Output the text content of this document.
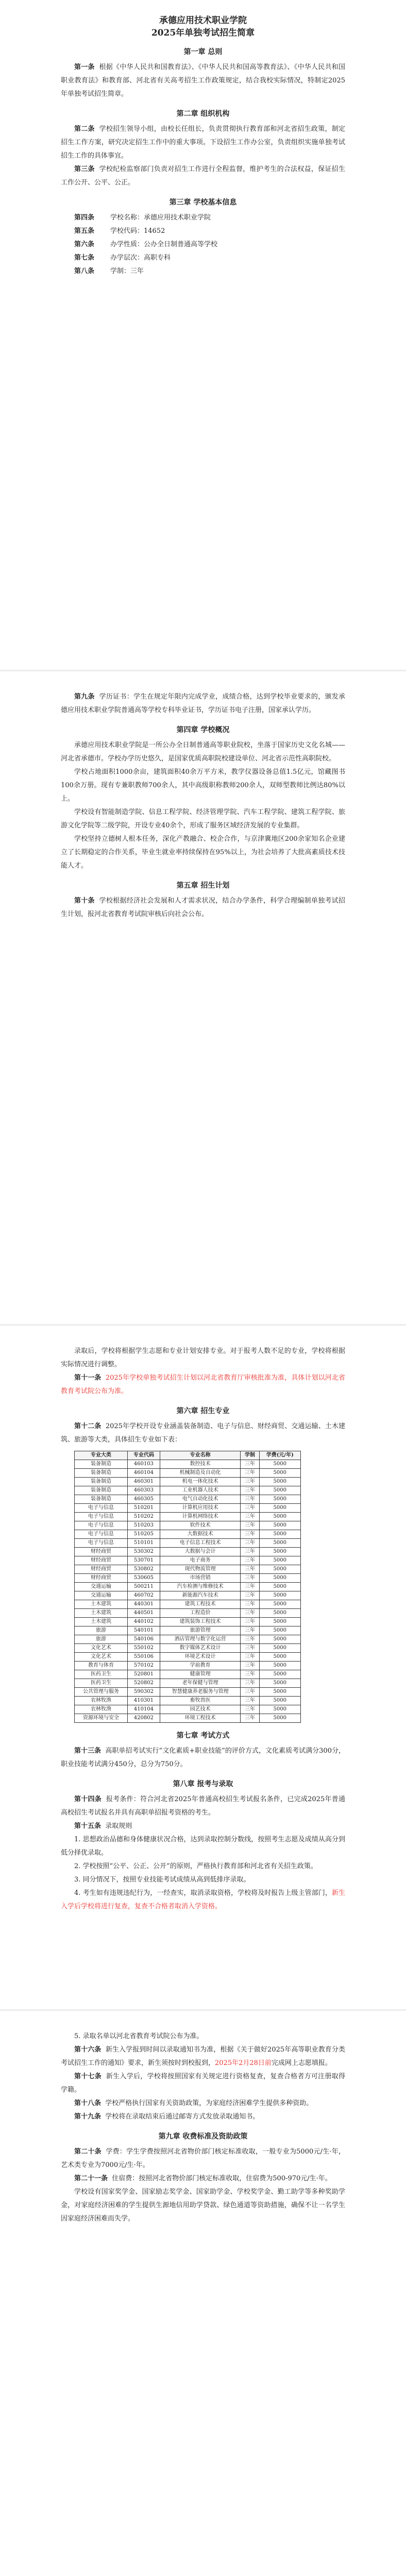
承德应用技术职业学院
2025年单独考试招生简章
第一章 总则

第一条 根据《中华人民共和国教育法》、《中华人民共和国高等教育法》、《中华人民共和国职业教育法》和教育部、河北省有关高考招生工作政策规定，结合我校实际情况，特制定2025年单独考试招生简章。

第二章 组织机构

第二条 学校招生领导小组，由校长任组长，负责贯彻执行教育部和河北省招生政策，制定招生工作方案，研究决定招生工作中的重大事项。下设招生工作办公室，负责组织实施单独考试招生工作的具体事宜。

第三条 学校纪检监察部门负责对招生工作进行全程监督，维护考生的合法权益，保证招生工作公开、公平、公正。

第三章 学校基本信息
第四条 学校名称：承德应用技术职业学院
第五条 学校代码：14652
第六条 办学性质：公办全日制普通高等学校
第七条 办学层次：高职专科
第八条 学制：三年

第九条 学历证书：学生在规定年限内完成学业，成绩合格，达到学校毕业要求的，颁发承德应用技术职业学院普通高等学校专科毕业证书，学历证书电子注册，国家承认学历。

第四章 学校概况

承德应用技术职业学院是一所公办全日制普通高等职业院校，坐落于国家历史文化名城——河北省承德市。学校办学历史悠久，是国家优质高职院校建设单位、河北省示范性高职院校。

学校占地面积1000余亩，建筑面积40余万平方米，教学仪器设备总值1.5亿元，馆藏图书100余万册。现有专兼职教师700余人，其中高级职称教师200余人，双师型教师比例达80%以上。

学校设有智能制造学院、信息工程学院、经济管理学院、汽车工程学院、建筑工程学院、旅游文化学院等二级学院，开设专业40余个，形成了服务区域经济发展的专业集群。

学校坚持立德树人根本任务，深化产教融合、校企合作，与京津冀地区200余家知名企业建立了长期稳定的合作关系，毕业生就业率持续保持在95%以上，为社会培养了大批高素质技术技能人才。

第五章 招生计划

第十条 学校根据经济社会发展和人才需求状况，结合办学条件，科学合理编制单独考试招生计划，报河北省教育考试院审核后向社会公布。

录取后，学校将根据学生志愿和专业计划安排专业。对于报考人数不足的专业，学校将根据实际情况进行调整。

第十一条 2025年学校单独考试招生计划以河北省教育厅审核批准为准，具体计划以河北省教育考试院公布为准。

第六章 招生专业

第十二条 2025年学校开设专业涵盖装备制造、电子与信息、财经商贸、交通运输、土木建筑、旅游等大类，具体招生专业如下表：

专业大类	专业代码	专业名称	学制	学费(元/年)
装备制造	460103	数控技术	三年	5000
装备制造	460104	机械制造及自动化	三年	5000
装备制造	460301	机电一体化技术	三年	5000
装备制造	460303	工业机器人技术	三年	5000
装备制造	460305	电气自动化技术	三年	5000
电子与信息	510201	计算机应用技术	三年	5000
电子与信息	510202	计算机网络技术	三年	5000
电子与信息	510203	软件技术	三年	5000
电子与信息	510205	大数据技术	三年	5000
电子与信息	510101	电子信息工程技术	三年	5000
财经商贸	530302	大数据与会计	三年	5000
财经商贸	530701	电子商务	三年	5000
财经商贸	530802	现代物流管理	三年	5000
财经商贸	530605	市场营销	三年	5000
交通运输	500211	汽车检测与维修技术	三年	5000
交通运输	460702	新能源汽车技术	三年	5000
土木建筑	440301	建筑工程技术	三年	5000
土木建筑	440501	工程造价	三年	5000
土木建筑	440102	建筑装饰工程技术	三年	5000
旅游	540101	旅游管理	三年	5000
旅游	540106	酒店管理与数字化运营	三年	5000
文化艺术	550102	数字媒体艺术设计	三年	5000
文化艺术	550106	环境艺术设计	三年	5000
教育与体育	570102	学前教育	三年	5000
医药卫生	520801	健康管理	三年	5000
医药卫生	520802	老年保健与管理	三年	5000
公共管理与服务	590302	智慧健康养老服务与管理	三年	5000
农林牧渔	410301	畜牧兽医	三年	5000
农林牧渔	410104	园艺技术	三年	5000
资源环境与安全	420802	环境工程技术	三年	5000
第七章 考试方式

第十三条 高职单招考试实行“文化素质+职业技能”的评价方式，文化素质考试满分300分，职业技能考试满分450分，总分为750分。

第八章 报考与录取

第十四条 报考条件：符合河北省2025年普通高校招生考试报名条件，已完成2025年普通高校招生考试报名并具有高职单招报考资格的考生。

第十五条 录取规则

1. 思想政治品德和身体健康状况合格，达到录取控制分数线，按照考生志愿及成绩从高分到低分择优录取。

2. 学校按照“公平、公正、公开”的原则，严格执行教育部和河北省有关招生政策。

3. 同分情况下，按照专业技能考试成绩从高到低排序录取。

4. 考生如有违规违纪行为，一经查实，取消录取资格，学校将及时报告上级主管部门，新生入学后学校将进行复查，复查不合格者取消入学资格。

5. 录取名单以河北省教育考试院公布为准。

第十六条 新生入学报到时间以录取通知书为准，根据《关于做好2025年高等职业教育分类考试招生工作的通知》要求，新生须按时到校报到，2025年2月28日前完成网上志愿填报。

第十七条 新生入学后，学校将按照国家有关规定进行资格复查，复查合格者方可注册取得学籍。

第十八条 学校严格执行国家有关资助政策，为家庭经济困难学生提供多种资助。

第十九条 学校将在录取结束后通过邮寄方式发放录取通知书。

第九章 收费标准及资助政策

第二十条 学费：学生学费按照河北省物价部门核定标准收取，一般专业为5000元/生·年，艺术类专业为7000元/生·年。

第二十一条 住宿费：按照河北省物价部门核定标准收取，住宿费为500-970元/生·年。

学校设有国家奖学金、国家励志奖学金、国家助学金、学校奖学金、勤工助学等多种奖助学金，对家庭经济困难的学生提供生源地信用助学贷款、绿色通道等资助措施，确保不让一名学生因家庭经济困难而失学。
